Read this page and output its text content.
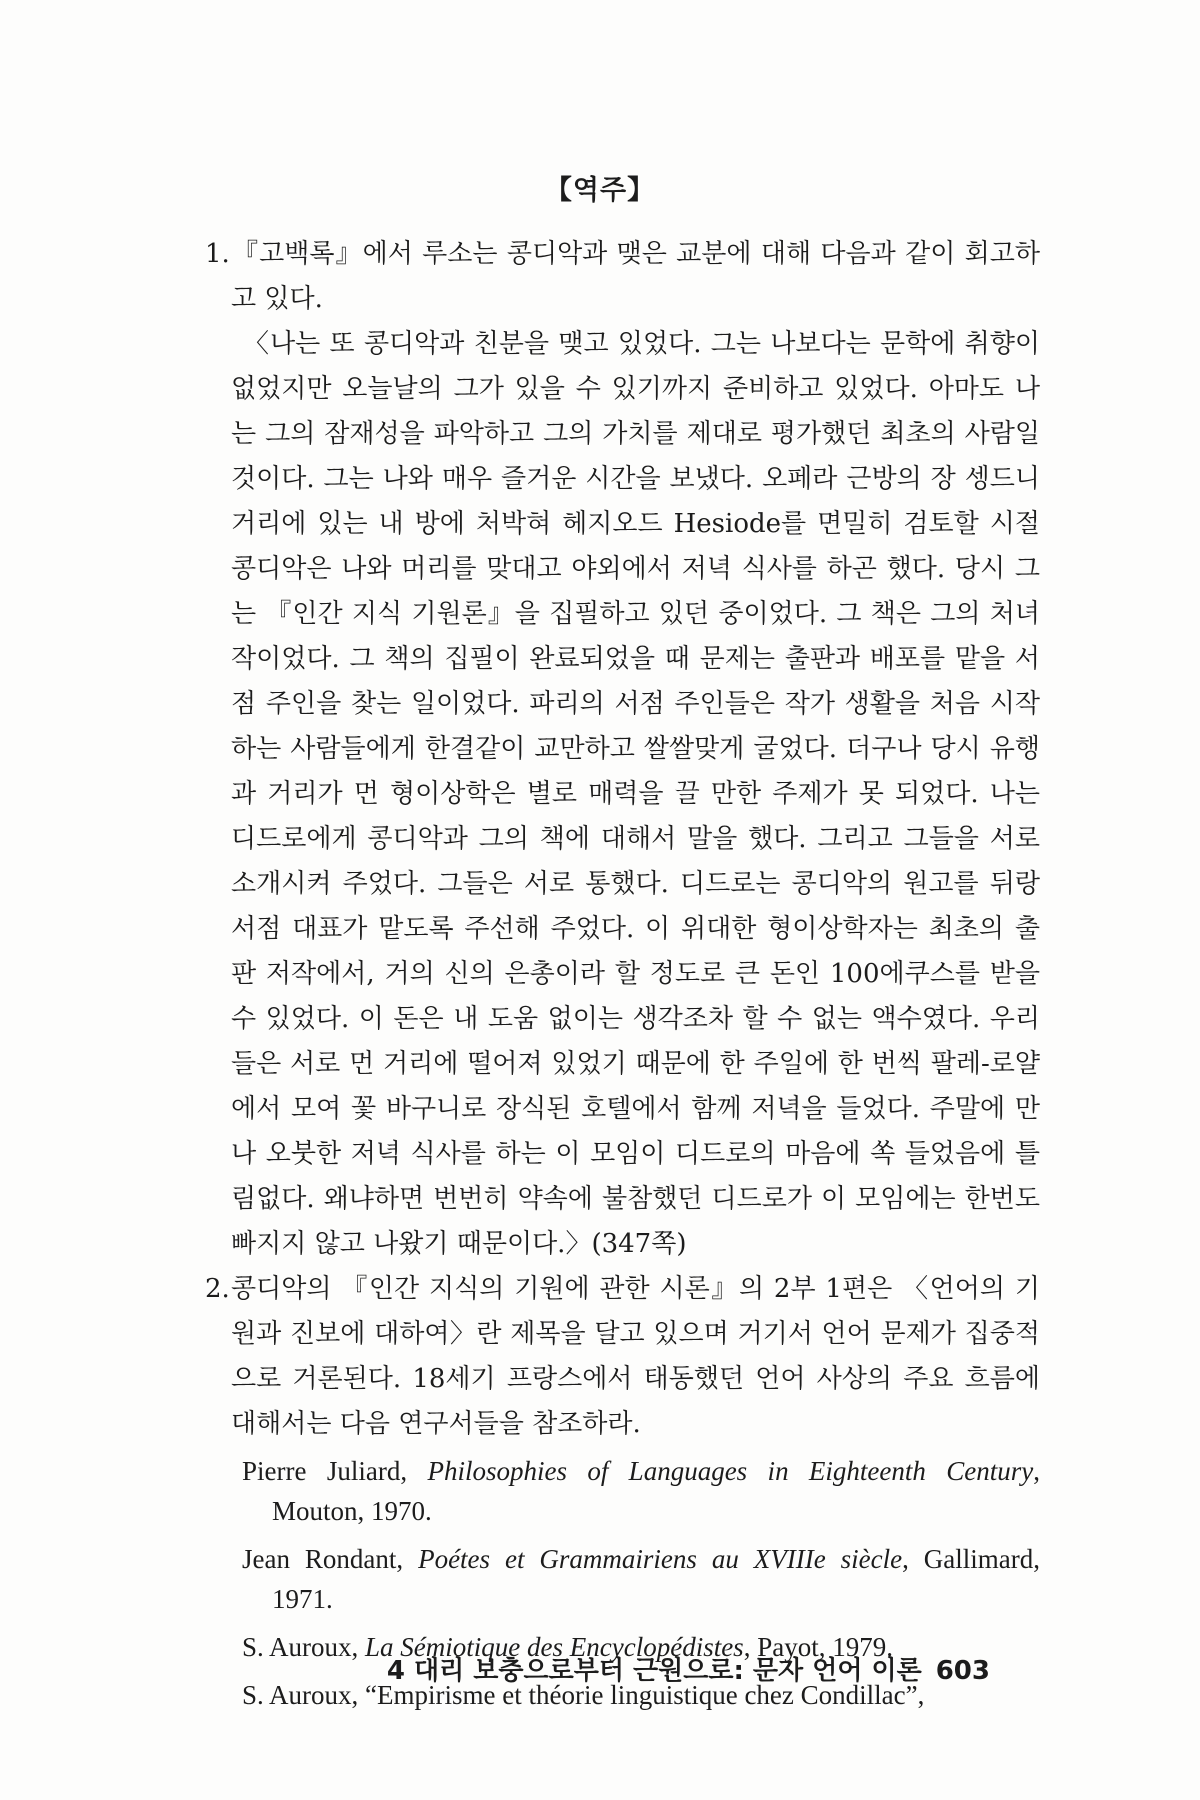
【역주】

1.『고백록』에서 루소는 콩디악과 맺은 교분에 대해 다음과 같이 회고하고 있다.

〈나는 또 콩디악과 친분을 맺고 있었다. 그는 나보다는 문학에 취향이 없었지만 오늘날의 그가 있을 수 있기까지 준비하고 있었다. 아마도 나는 그의 잠재성을 파악하고 그의 가치를 제대로 평가했던 최초의 사람일 것이다. 그는 나와 매우 즐거운 시간을 보냈다. 오페라 근방의 장 셍드니 거리에 있는 내 방에 처박혀 헤지오드 Hesiode를 면밀히 검토할 시절 콩디악은 나와 머리를 맞대고 야외에서 저녁 식사를 하곤 했다. 당시 그는 『인간 지식 기원론』을 집필하고 있던 중이었다. 그 책은 그의 처녀작이었다. 그 책의 집필이 완료되었을 때 문제는 출판과 배포를 맡을 서점 주인을 찾는 일이었다. 파리의 서점 주인들은 작가 생활을 처음 시작하는 사람들에게 한결같이 교만하고 쌀쌀맞게 굴었다. 더구나 당시 유행과 거리가 먼 형이상학은 별로 매력을 끌 만한 주제가 못 되었다. 나는 디드로에게 콩디악과 그의 책에 대해서 말을 했다. 그리고 그들을 서로 소개시켜 주었다. 그들은 서로 통했다. 디드로는 콩디악의 원고를 뒤랑 서점 대표가 맡도록 주선해 주었다. 이 위대한 형이상학자는 최초의 출판 저작에서, 거의 신의 은총이라 할 정도로 큰 돈인 100에쿠스를 받을 수 있었다. 이 돈은 내 도움 없이는 생각조차 할 수 없는 액수였다. 우리들은 서로 먼 거리에 떨어져 있었기 때문에 한 주일에 한 번씩 팔레-로얄에서 모여 꽃 바구니로 장식된 호텔에서 함께 저녁을 들었다. 주말에 만나 오붓한 저녁 식사를 하는 이 모임이 디드로의 마음에 쏙 들었음에 틀림없다. 왜냐하면 번번히 약속에 불참했던 디드로가 이 모임에는 한번도 빠지지 않고 나왔기 때문이다.〉(347쪽)

2.콩디악의 『인간 지식의 기원에 관한 시론』의 2부 1편은 〈언어의 기원과 진보에 대하여〉란 제목을 달고 있으며 거기서 언어 문제가 집중적으로 거론된다. 18세기 프랑스에서 태동했던 언어 사상의 주요 흐름에 대해서는 다음 연구서들을 참조하라.

Pierre Juliard, Philosophies of Languages in Eighteenth Century, Mouton, 1970.

Jean Rondant, Poétes et Grammairiens au XVIIIe siècle, Gallimard, 1971.

S. Auroux, La Sémiotique des Encyclopédistes, Payot, 1979.

S. Auroux, “Empirisme et théorie linguistique chez Condillac”,

4 대리 보충으로부터 근원으로: 문자 언어 이론 603
